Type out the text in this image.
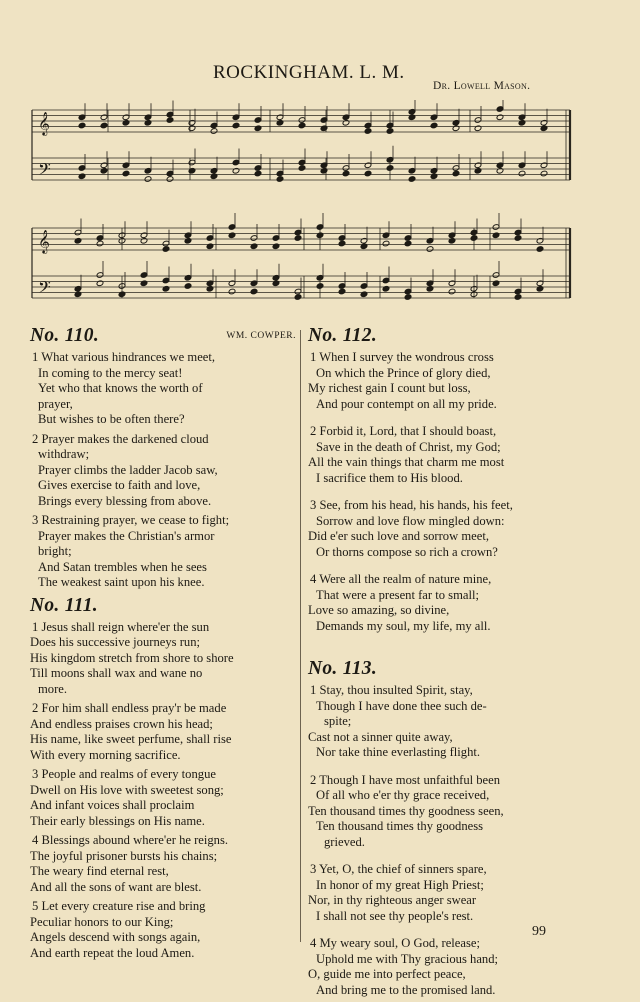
ROCKINGHAM. L. M.
Dr. Lowell Mason.
𝄞
𝄢
𝄞
𝄢
No. 110.	WM. COWPER.
1 What various hindrances we meet,
In coming to the mercy seat!
Yet who that knows the worth of
prayer,
But wishes to be often there?
2 Prayer makes the darkened cloud
withdraw;
Prayer climbs the ladder Jacob saw,
Gives exercise to faith and love,
Brings every blessing from above.
3 Restraining prayer, we cease to fight;
Prayer makes the Christian's armor
bright;
And Satan trembles when he sees
The weakest saint upon his knee.
No. 111.
1 Jesus shall reign where'er the sun
Does his successive journeys run;
His kingdom stretch from shore to shore
Till moons shall wax and wane no
more.
2 For him shall endless pray'r be made
And endless praises crown his head;
His name, like sweet perfume, shall rise
With every morning sacrifice.
3 People and realms of every tongue
Dwell on His love with sweetest song;
And infant voices shall proclaim
Their early blessings on His name.
4 Blessings abound where'er he reigns.
The joyful prisoner bursts his chains;
The weary find eternal rest,
And all the sons of want are blest.
5 Let every creature rise and bring
Peculiar honors to our King;
Angels descend with songs again,
And earth repeat the loud Amen.
No. 112.
1 When I survey the wondrous cross
On which the Prince of glory died,
My richest gain I count but loss,
And pour contempt on all my pride.
2 Forbid it, Lord, that I should boast,
Save in the death of Christ, my God;
All the vain things that charm me most
I sacrifice them to His blood.
3 See, from his head, his hands, his feet,
Sorrow and love flow mingled down:
Did e'er such love and sorrow meet,
Or thorns compose so rich a crown?
4 Were all the realm of nature mine,
That were a present far to small;
Love so amazing, so divine,
Demands my soul, my life, my all.
No. 113.
1 Stay, thou insulted Spirit, stay,
Though I have done thee such de-
spite;
Cast not a sinner quite away,
Nor take thine everlasting flight.
2 Though I have most unfaithful been
Of all who e'er thy grace received,
Ten thousand times thy goodness seen,
Ten thousand times thy goodness
grieved.
3 Yet, O, the chief of sinners spare,
In honor of my great High Priest;
Nor, in thy righteous anger swear
I shall not see thy people's rest.
4 My weary soul, O God, release;
Uphold me with Thy gracious hand;
O, guide me into perfect peace,
And bring me to the promised land.
99
